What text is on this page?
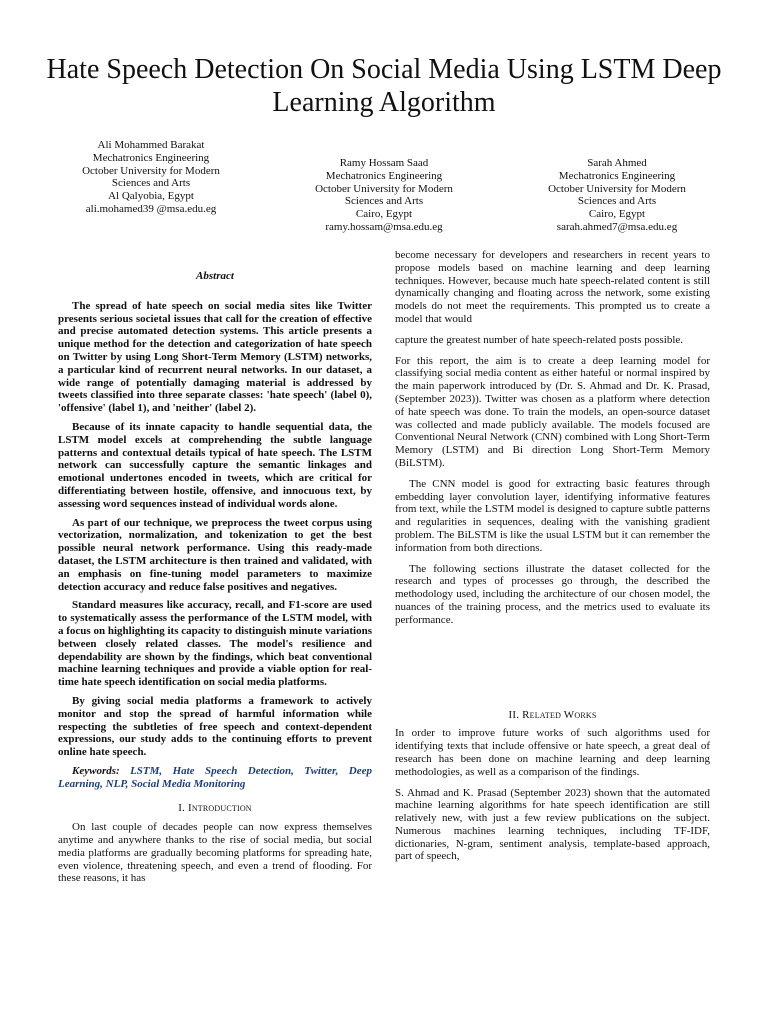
Hate Speech Detection On Social Media Using LSTM Deep Learning Algorithm
Ali Mohammed Barakat
Mechatronics Engineering
October University for Modern
Sciences and Arts
Al Qalyobia, Egypt
ali.mohamed39 @msa.edu.eg
Ramy Hossam Saad
Mechatronics Engineering
October University for Modern
Sciences and Arts
Cairo, Egypt
ramy.hossam@msa.edu.eg
Sarah Ahmed
Mechatronics Engineering
October University for Modern
Sciences and Arts
Cairo, Egypt
sarah.ahmed7@msa.edu.eg
Abstract

The spread of hate speech on social media sites like Twitter presents serious societal issues that call for the creation of effective and precise automated detection systems. This article presents a unique method for the detection and categorization of hate speech on Twitter by using Long Short-Term Memory (LSTM) networks, a particular kind of recurrent neural networks. In our dataset, a wide range of potentially damaging material is addressed by tweets classified into three separate classes: 'hate speech' (label 0), 'offensive' (label 1), and 'neither' (label 2).

Because of its innate capacity to handle sequential data, the LSTM model excels at comprehending the subtle language patterns and contextual details typical of hate speech. The LSTM network can successfully capture the semantic linkages and emotional undertones encoded in tweets, which are critical for differentiating between hostile, offensive, and innocuous text, by assessing word sequences instead of individual words alone.

As part of our technique, we preprocess the tweet corpus using vectorization, normalization, and tokenization to get the best possible neural network performance. Using this ready-made dataset, the LSTM architecture is then trained and validated, with an emphasis on fine-tuning model parameters to maximize detection accuracy and reduce false positives and negatives.

Standard measures like accuracy, recall, and F1-score are used to systematically assess the performance of the LSTM model, with a focus on highlighting its capacity to distinguish minute variations between closely related classes. The model's resilience and dependability are shown by the findings, which beat conventional machine learning techniques and provide a viable option for real-time hate speech identification on social media platforms.

By giving social media platforms a framework to actively monitor and stop the spread of harmful information while respecting the subtleties of free speech and context-dependent expressions, our study adds to the continuing efforts to prevent online hate speech.

Keywords: LSTM, Hate Speech Detection, Twitter, Deep Learning, NLP, Social Media Monitoring

I. Introduction

On last couple of decades people can now express themselves anytime and anywhere thanks to the rise of social media, but social media platforms are gradually becoming platforms for spreading hate, even violence, threatening speech, and even a trend of flooding. For these reasons, it has

become necessary for developers and researchers in recent years to propose models based on machine learning and deep learning techniques. However, because much hate speech-related content is still dynamically changing and floating across the network, some existing models do not meet the requirements. This prompted us to create a model that would

capture the greatest number of hate speech-related posts possible.

For this report, the aim is to create a deep learning model for classifying social media content as either hateful or normal inspired by the main paperwork introduced by (Dr. S. Ahmad and Dr. K. Prasad, (September 2023)). Twitter was chosen as a platform where detection of hate speech was done. To train the models, an open-source dataset was collected and made publicly available. The models focused are Conventional Neural Network (CNN) combined with Long Short-Term Memory (LSTM) and Bi direction Long Short-Term Memory (BiLSTM).

The CNN model is good for extracting basic features through embedding layer convolution layer, identifying informative features from text, while the LSTM model is designed to capture subtle patterns and regularities in sequences, dealing with the vanishing gradient problem. The BiLSTM is like the usual LSTM but it can remember the information from both directions.

The following sections illustrate the dataset collected for the research and types of processes go through, the described the methodology used, including the architecture of our chosen model, the nuances of the training process, and the metrics used to evaluate its performance.

II. Related Works

In order to improve future works of such algorithms used for identifying texts that include offensive or hate speech, a great deal of research has been done on machine learning and deep learning methodologies, as well as a comparison of the findings.

S. Ahmad and K. Prasad (September 2023) shown that the automated machine learning algorithms for hate speech identification are still relatively new, with just a few review publications on the subject. Numerous machines learning techniques, including TF-IDF, dictionaries, N-gram, sentiment analysis, template-based approach, part of speech,
